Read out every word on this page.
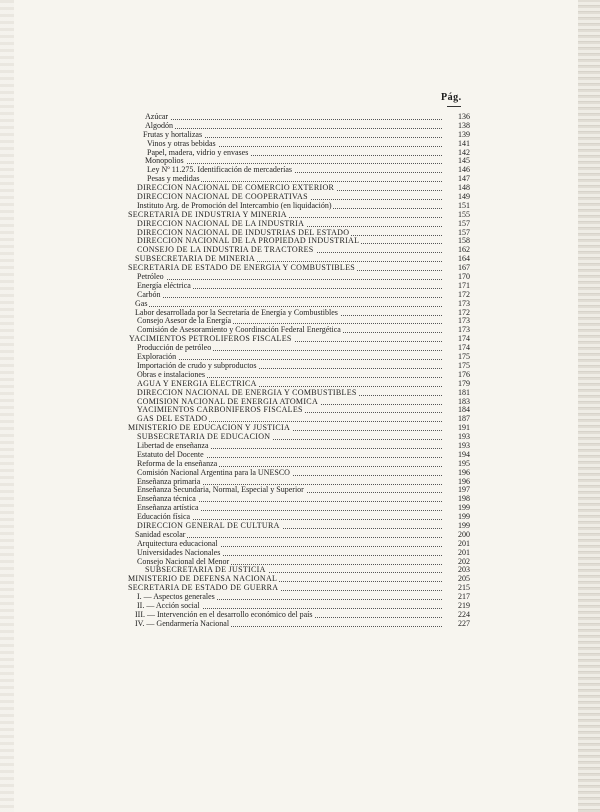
Pág.
Azúcar	136
Algodón	138
Frutas y hortalizas	139
Vinos y otras bebidas	141
Papel, madera, vidrio y envases	142
Monopolios	145
Ley Nº 11.275. Identificación de mercaderías	146
Pesas y medidas	147
DIRECCION NACIONAL DE COMERCIO EXTERIOR	148
DIRECCION NACIONAL DE COOPERATIVAS	149
Instituto Arg. de Promoción del Intercambio (en liquidación)	151
SECRETARIA DE INDUSTRIA Y MINERIA	155
DIRECCION NACIONAL DE LA INDUSTRIA	157
DIRECCION NACIONAL DE INDUSTRIAS DEL ESTADO	157
DIRECCION NACIONAL DE LA PROPIEDAD INDUSTRIAL	158
CONSEJO DE LA INDUSTRIA DE TRACTORES	162
SUBSECRETARIA DE MINERIA	164
SECRETARIA DE ESTADO DE ENERGIA Y COMBUSTIBLES	167
Petróleo	170
Energía eléctrica	171
Carbón	172
Gas	173
Labor desarrollada por la Secretaría de Energía y Combustibles	172
Consejo Asesor de la Energía	173
Comisión de Asesoramiento y Coordinación Federal Energética	173
YACIMIENTOS PETROLIFEROS FISCALES	174
Producción de petróleo	174
Exploración	175
Importación de crudo y subproductos	175
Obras e instalaciones	176
AGUA Y ENERGIA ELECTRICA	179
DIRECCION NACIONAL DE ENERGIA Y COMBUSTIBLES	181
COMISION NACIONAL DE ENERGIA ATOMICA	183
YACIMIENTOS CARBONIFEROS FISCALES	184
GAS DEL ESTADO	187
MINISTERIO DE EDUCACION Y JUSTICIA	191
SUBSECRETARIA DE EDUCACION	193
Libertad de enseñanza	193
Estatuto del Docente	194
Reforma de la enseñanza	195
Comisión Nacional Argentina para la UNESCO	196
Enseñanza primaria	196
Enseñanza Secundaria, Normal, Especial y Superior	197
Enseñanza técnica	198
Enseñanza artística	199
Educación física	199
DIRECCION GENERAL DE CULTURA	199
Sanidad escolar	200
Arquitectura educacional	201
Universidades Nacionales	201
Consejo Nacional del Menor	202
SUBSECRETARIA DE JUSTICIA	203
MINISTERIO DE DEFENSA NACIONAL	205
SECRETARIA DE ESTADO DE GUERRA	215
I. — Aspectos generales	217
II. — Acción social	219
III. — Intervención en el desarrollo económico del país	224
IV. — Gendarmería Nacional	227
